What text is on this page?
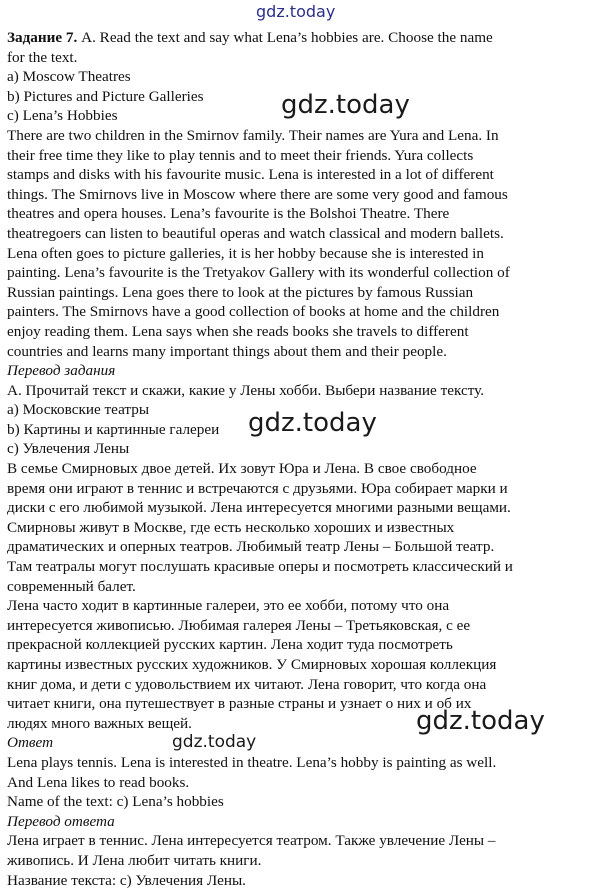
gdz.today
gdz.today
gdz.today
gdz.today
gdz.today
Задание 7. A. Read the text and say what Lena’s hobbies are. Choose the name
for the text.
a) Moscow Theatres
b) Pictures and Picture Galleries
c) Lena’s Hobbies
There are two children in the Smirnov family. Their names are Yura and Lena. In
their free time they like to play tennis and to meet their friends. Yura collects
stamps and disks with his favourite music. Lena is interested in a lot of different
things. The Smirnovs live in Moscow where there are some very good and famous
theatres and opera houses. Lena’s favourite is the Bolshoi Theatre. There
theatregoers can listen to beautiful operas and watch classical and modern ballets.
Lena often goes to picture galleries, it is her hobby because she is interested in
painting. Lena’s favourite is the Tretyakov Gallery with its wonderful collection of
Russian paintings. Lena goes there to look at the pictures by famous Russian
painters. The Smirnovs have a good collection of books at home and the children
enjoy reading them. Lena says when she reads books she travels to different
countries and learns many important things about them and their people.
Перевод задания
А. Прочитай текст и скажи, какие у Лены хобби. Выбери название тексту.
а) Московские театры
b) Картины и картинные галереи
с) Увлечения Лены
В семье Смирновых двое детей. Их зовут Юра и Лена. В свое свободное
время они играют в теннис и встречаются с друзьями. Юра собирает марки и
диски с его любимой музыкой. Лена интересуется многими разными вещами.
Смирновы живут в Москве, где есть несколько хороших и известных
драматических и оперных театров. Любимый театр Лены – Большой театр.
Там театралы могут послушать красивые оперы и посмотреть классический и
современный балет.
Лена часто ходит в картинные галереи, это ее хобби, потому что она
интересуется живописью. Любимая галерея Лены – Третьяковская, с ее
прекрасной коллекцией русских картин. Лена ходит туда посмотреть
картины известных русских художников. У Смирновых хорошая коллекция
книг дома, и дети с удовольствием их читают. Лена говорит, что когда она
читает книги, она путешествует в разные страны и узнает о них и об их
людях много важных вещей.
Ответ
Lena plays tennis. Lena is interested in theatre. Lena’s hobby is painting as well.
And Lena likes to read books.
Name of the text: c) Lena’s hobbies
Перевод ответа
Лена играет в теннис. Лена интересуется театром. Также увлечение Лены –
живопись. И Лена любит читать книги.
Название текста: с) Увлечения Лены.
